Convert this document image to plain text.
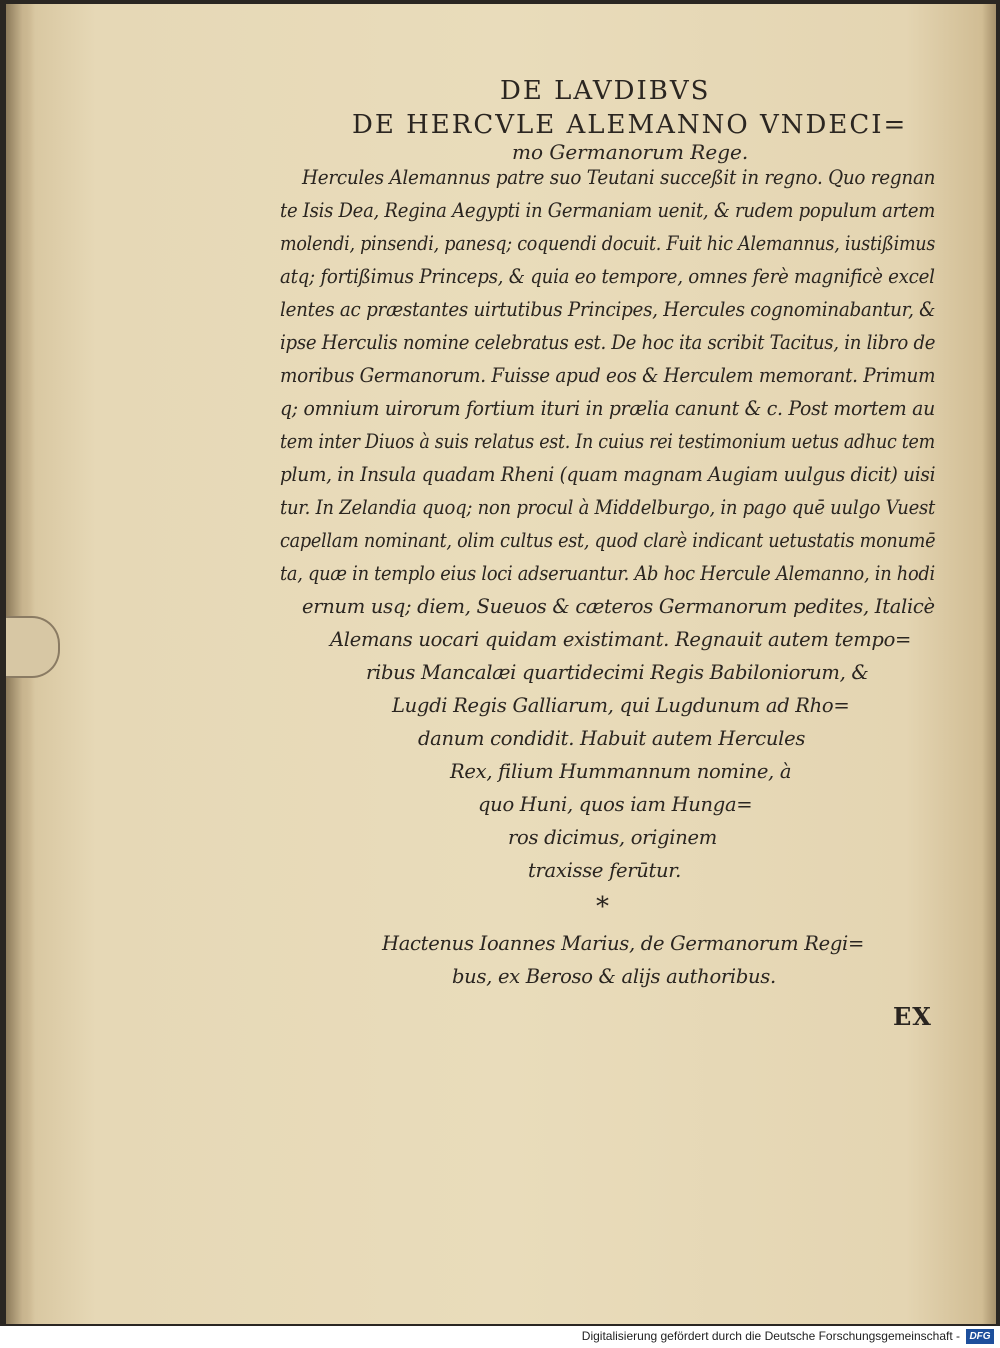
DE LAVDIBVS
DE HERCVLE ALEMANNO VNDECI=
mo Germanorum Rege.
Hercules Alemannus patre suo Teutani succeßit in regno. Quo regnan
te Isis Dea, Regina Aegypti in Germaniam uenit, & rudem populum artem
molendi, pinsendi, panesq; coquendi docuit. Fuit hic Alemannus, iustißimus
atq; fortißimus Princeps, & quia eo tempore, omnes ferè magnificè excel
lentes ac præstantes uirtutibus Principes, Hercules cognominabantur, &
ipse Herculis nomine celebratus est. De hoc ita scribit Tacitus, in libro de
moribus Germanorum. Fuisse apud eos & Herculem memorant. Primum
q; omnium uirorum fortium ituri in prælia canunt & c. Post mortem au
tem inter Diuos à suis relatus est. In cuius rei testimonium uetus adhuc tem
plum, in Insula quadam Rheni (quam magnam Augiam uulgus dicit) uisi
tur. In Zelandia quoq; non procul à Middelburgo, in pago quē uulgo Vuest
capellam nominant, olim cultus est, quod clarè indicant uetustatis monumē
ta, quæ in templo eius loci adseruantur. Ab hoc Hercule Alemanno, in hodi
ernum usq; diem, Sueuos & cæteros Germanorum pedites, Italicè
Alemans uocari quidam existimant. Regnauit autem tempo=
ribus Mancalæi quartidecimi Regis Babiloniorum, &
Lugdi Regis Galliarum, qui Lugdunum ad Rho=
danum condidit. Habuit autem Hercules
Rex, filium Hummannum nomine, à
quo Huni, quos iam Hunga=
ros dicimus, originem
traxisse ferūtur.
*
Hactenus Ioannes Marius, de Germanorum Regi=
bus, ex Beroso & alijs authoribus.
EX
Digitalisierung gefördert durch die Deutsche Forschungsgemeinschaft - DFG
